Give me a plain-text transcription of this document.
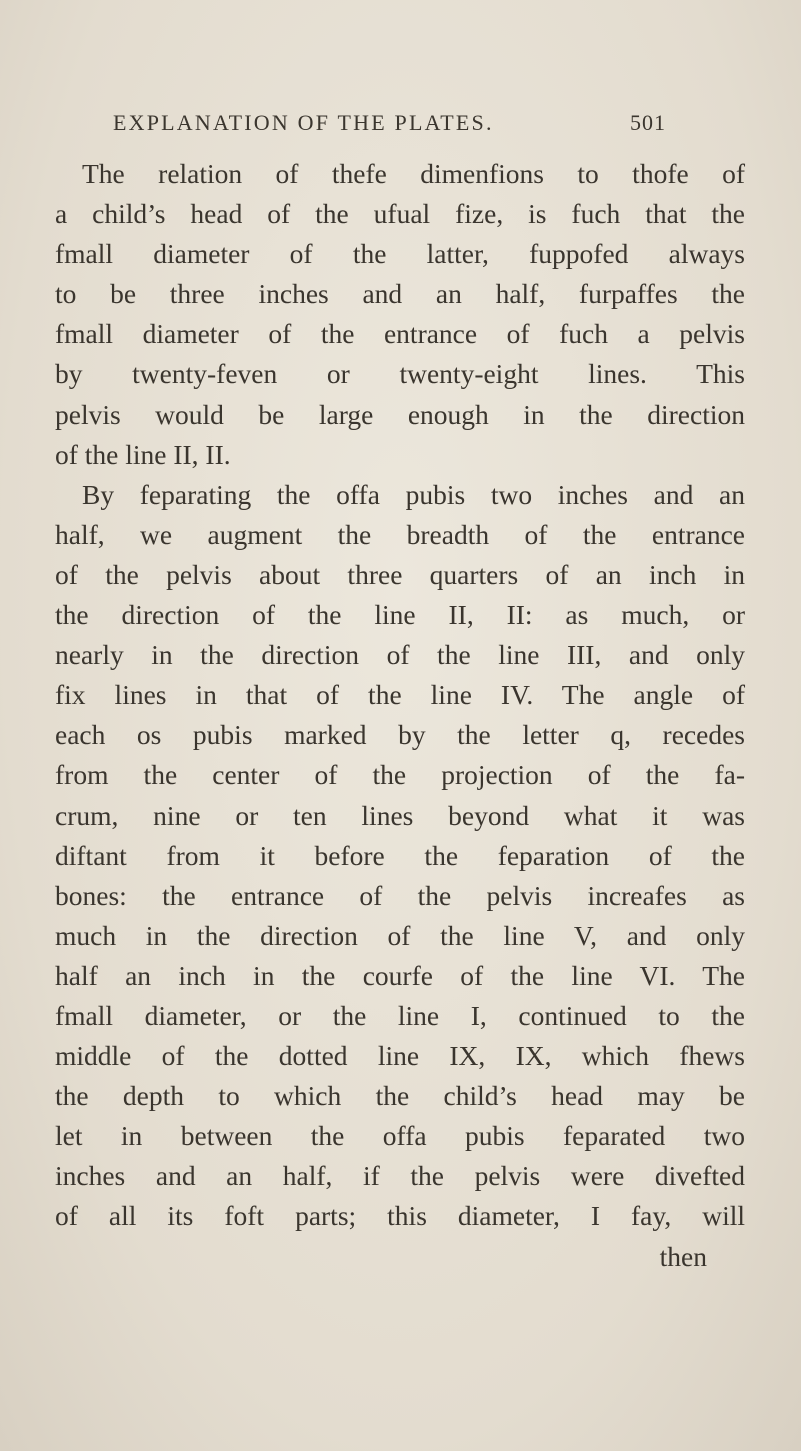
EXPLANATION OF THE PLATES.	501
The relation of thefe dimenfions to thofe of
a child’s head of the ufual fize, is fuch that the
fmall diameter of the latter, fuppofed always
to be three inches and an half, furpaffes the
fmall diameter of the entrance of fuch a pelvis
by twenty-feven or twenty-eight lines. This
pelvis would be large enough in the direction
of the line II, II.
By feparating the offa pubis two inches and an
half, we augment the breadth of the entrance
of the pelvis about three quarters of an inch in
the direction of the line II, II: as much, or
nearly in the direction of the line III, and only
fix lines in that of the line IV. The angle of
each os pubis marked by the letter q, recedes
from the center of the projection of the fa-
crum, nine or ten lines beyond what it was
diftant from it before the feparation of the
bones: the entrance of the pelvis increafes as
much in the direction of the line V, and only
half an inch in the courfe of the line VI. The
fmall diameter, or the line I, continued to the
middle of the dotted line IX, IX, which fhews
the depth to which the child’s head may be
let in between the offa pubis feparated two
inches and an half, if the pelvis were divefted
of all its foft parts; this diameter, I fay, will
then
